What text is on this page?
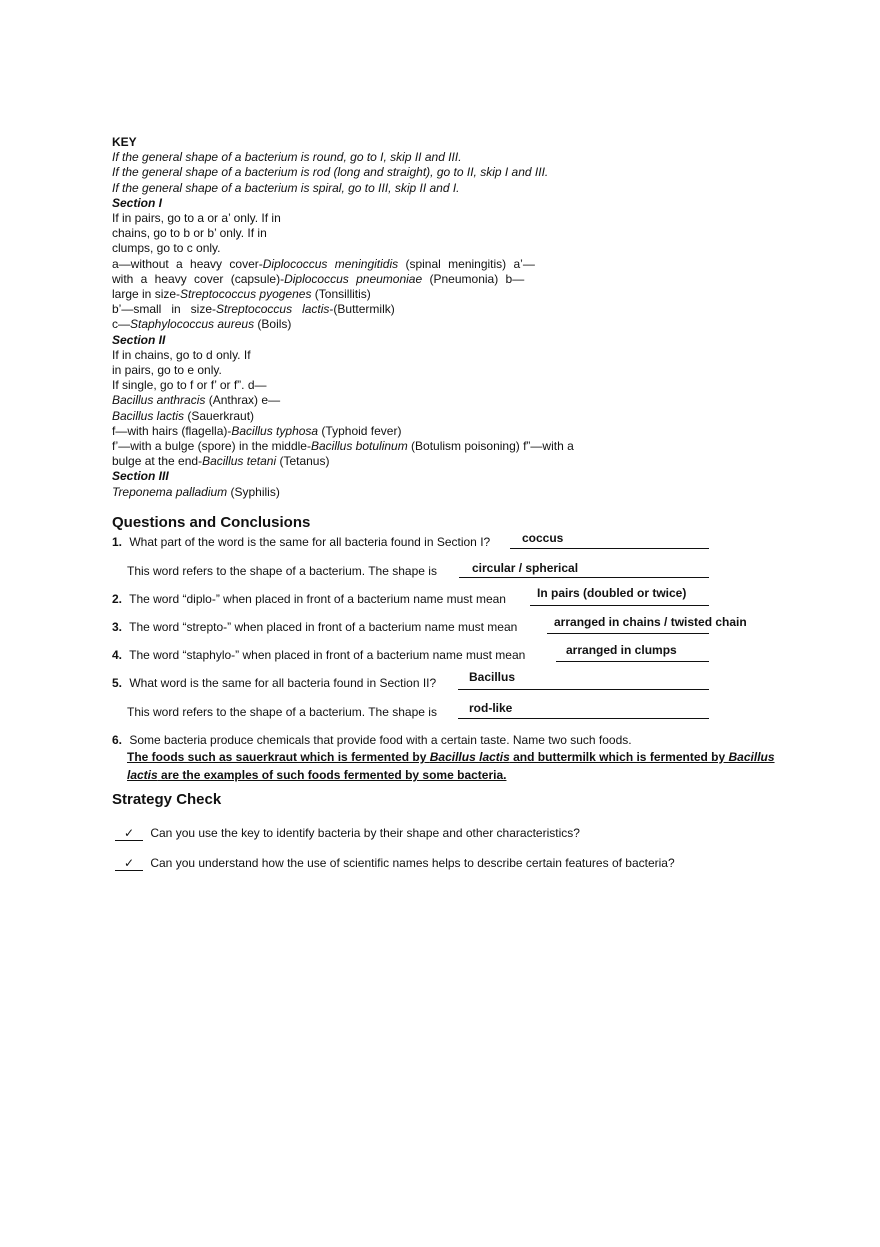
KEY

If the general shape of a bacterium is round, go to I, skip II and III.

If the general shape of a bacterium is rod (long and straight), go to II, skip I and III.

If the general shape of a bacterium is spiral, go to III, skip II and I.

Section I

If in pairs, go to a or a’ only. If in

chains, go to b or b’ only. If in

clumps, go to c only.

a—without a heavy cover-Diplococcus meningitidis (spinal meningitis) a’—

with a heavy cover (capsule)-Diplococcus pneumoniae (Pneumonia) b—

large in size-Streptococcus pyogenes (Tonsillitis)

b’—small   in   size-Streptococcus   lactis-(Buttermilk)

c—Staphylococcus aureus (Boils)

Section II

If in chains, go to d only. If

in pairs, go to e only.

If single, go to f or f’ or f”. d—

Bacillus anthracis (Anthrax) e—

Bacillus lactis (Sauerkraut)

f—with hairs (flagella)-Bacillus typhosa (Typhoid fever)

f’—with a bulge (spore) in the middle-Bacillus botulinum (Botulism poisoning) f”—with a

bulge at the end-Bacillus tetani (Tetanus)

Section III

Treponema palladium (Syphilis)

Questions and Conclusions
1. What part of the word is the same for all bacteria found in Section I?	coccus
This word refers to the shape of a bacterium. The shape is	circular / spherical
2. The word “diplo-” when placed in front of a bacterium name must mean	In pairs (doubled or twice)
3. The word “strepto-” when placed in front of a bacterium name must mean	arranged in chains / twisted chain
4. The word “staphylo-” when placed in front of a bacterium name must mean	arranged in clumps
5. What word is the same for all bacteria found in Section II?	Bacillus
This word refers to the shape of a bacterium. The shape is	rod-like
6. Some bacteria produce chemicals that provide food with a certain taste. Name two such foods.
The foods such as sauerkraut which is fermented by Bacillus lactis and buttermilk which is fermented by Bacillus lactis are the examples of such foods fermented by some bacteria.
Strategy Check
✓ Can you use the key to identify bacteria by their shape and other characteristics?
✓ Can you understand how the use of scientific names helps to describe certain features of bacteria?
